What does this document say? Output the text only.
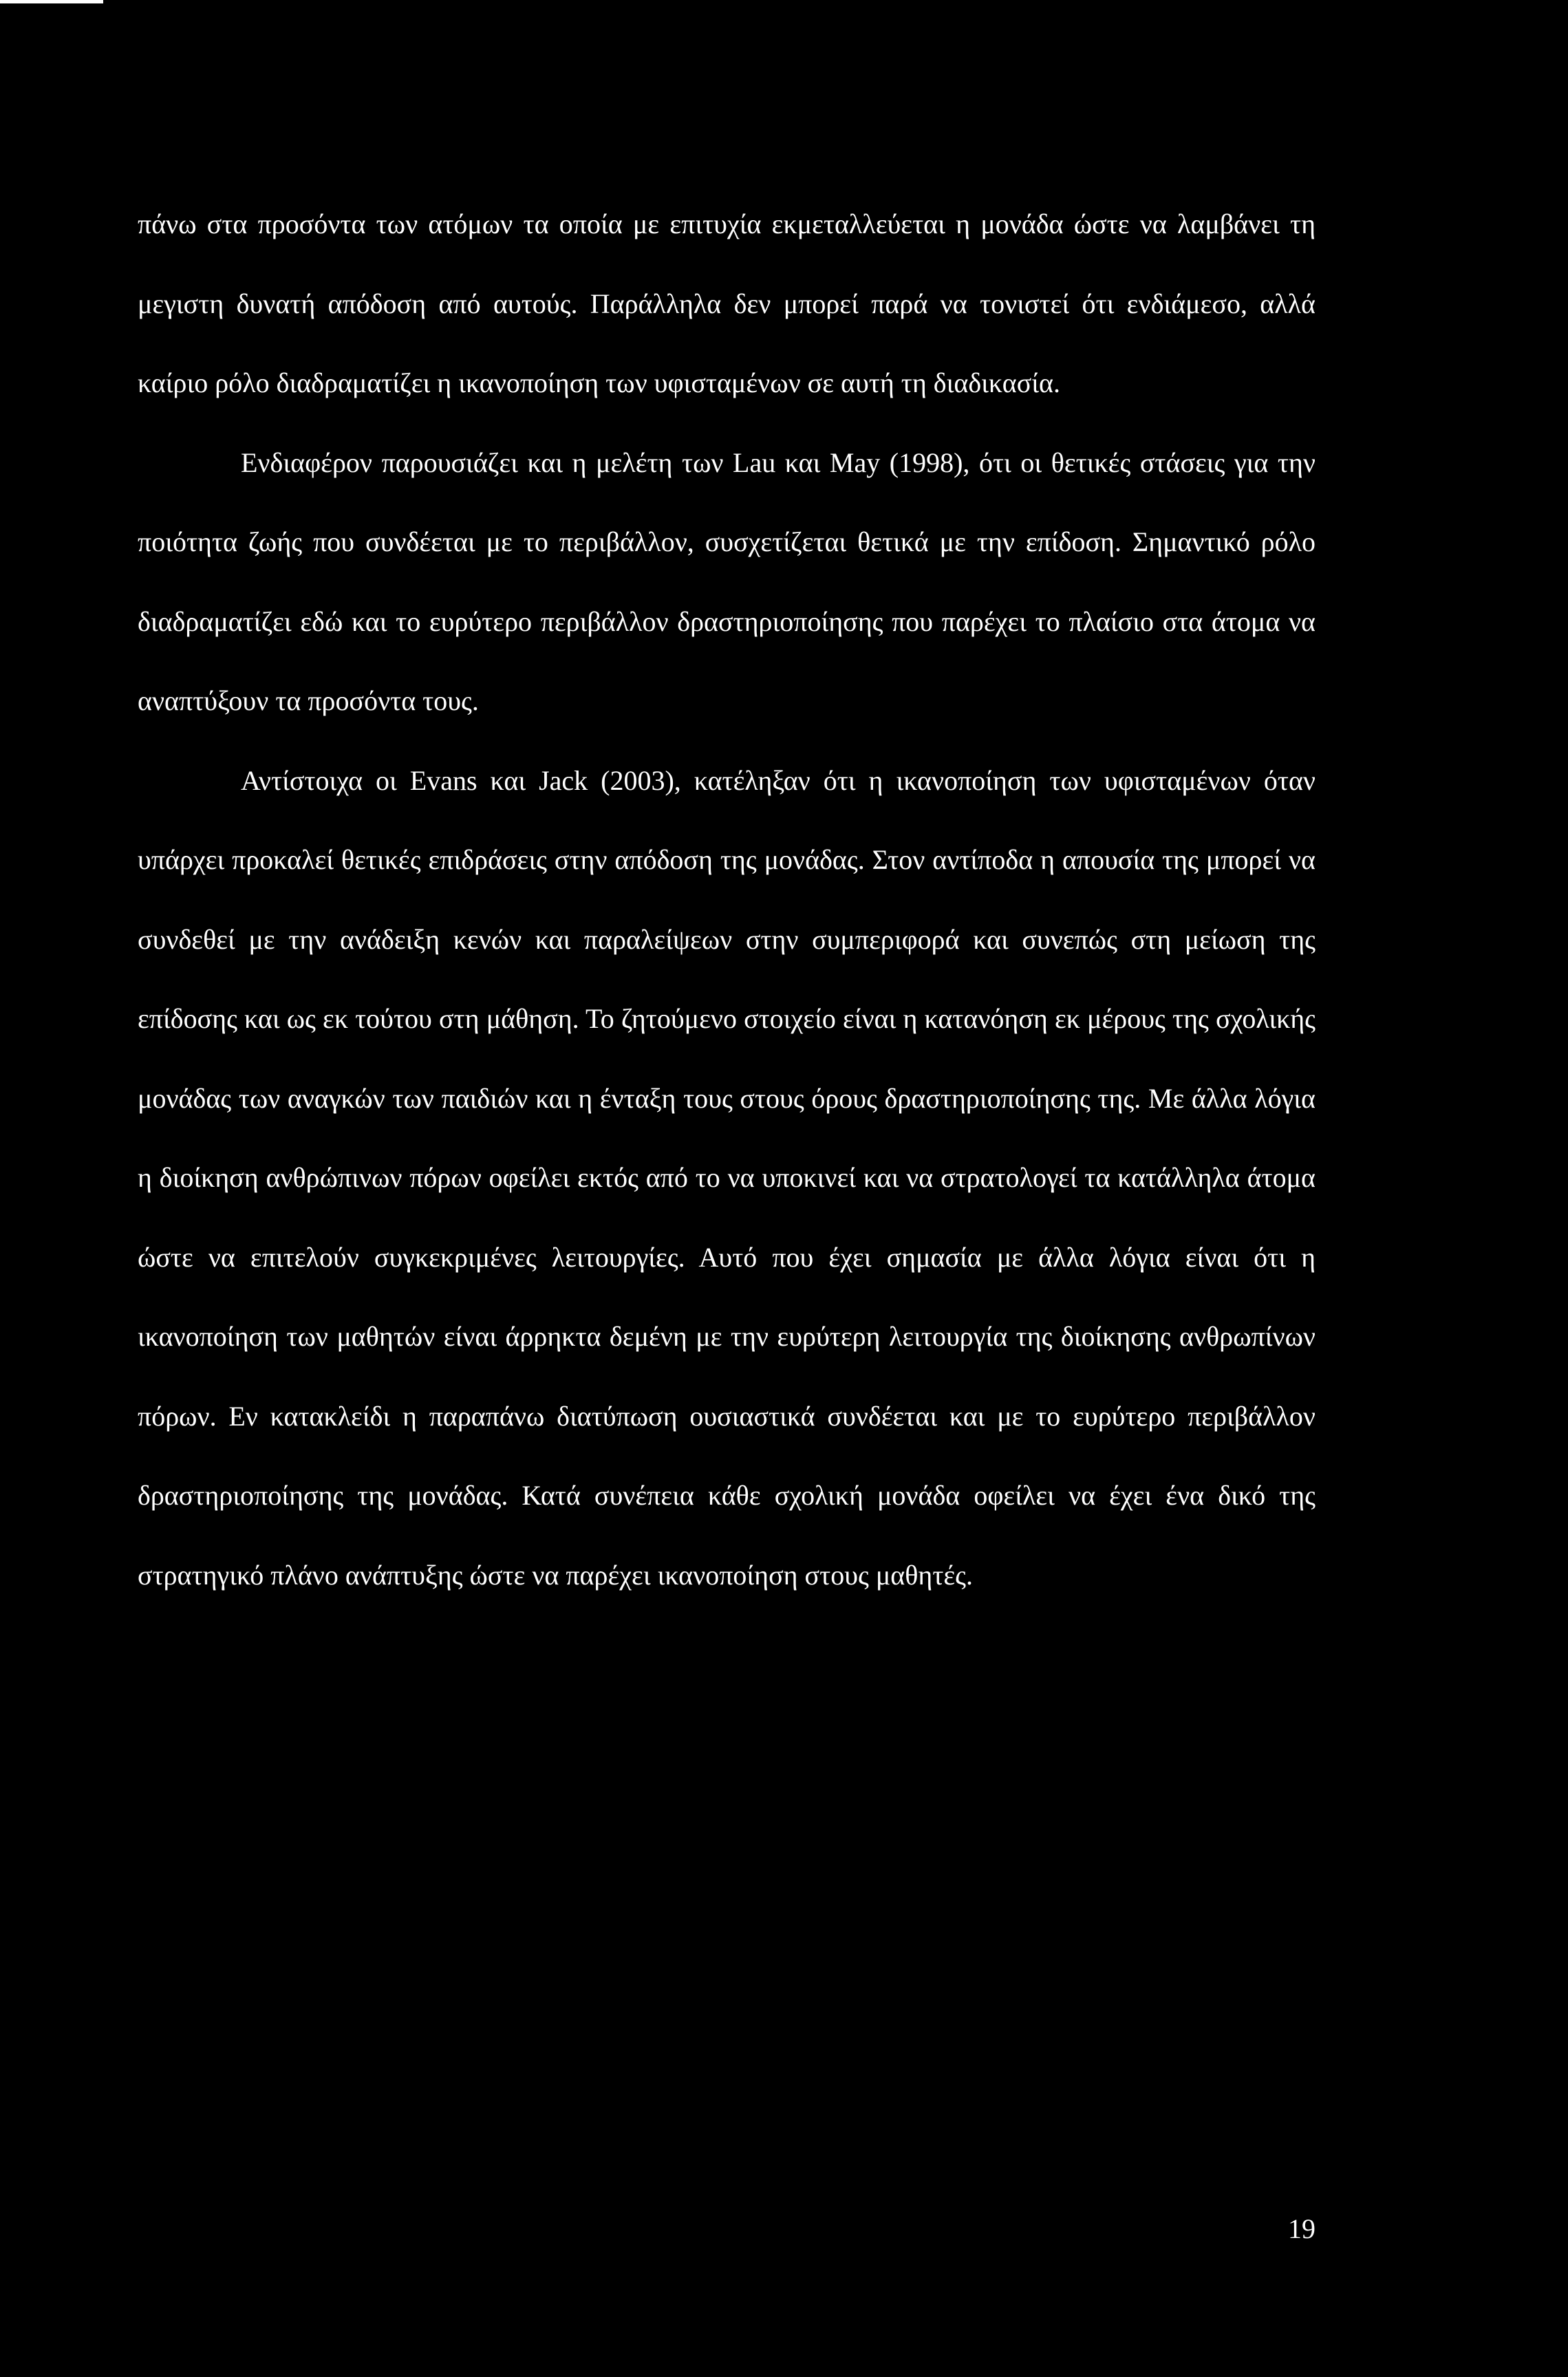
πάνω στα προσόντα των ατόμων τα οποία με επιτυχία εκμεταλλεύεται η μονάδα ώστε να λαμβάνει τη μεγιστη δυνατή απόδοση από αυτούς. Παράλληλα δεν μπορεί παρά να τονιστεί ότι ενδιάμεσο, αλλά καίριο ρόλο διαδραματίζει η ικανοποίηση των υφισταμένων σε αυτή τη διαδικασία.

Ενδιαφέρον παρουσιάζει και η μελέτη των Lau και May (1998), ότι οι θετικές στάσεις για την ποιότητα ζωής που συνδέεται με το περιβάλλον, συσχετίζεται θετικά με την επίδοση. Σημαντικό ρόλο διαδραματίζει εδώ και το ευρύτερο περιβάλλον δραστηριοποίησης που παρέχει το πλαίσιο στα άτομα να αναπτύξουν τα προσόντα τους.

Αντίστοιχα οι Evans και Jack (2003), κατέληξαν ότι η ικανοποίηση των υφισταμένων όταν υπάρχει προκαλεί θετικές επιδράσεις στην απόδοση της μονάδας. Στον αντίποδα η απουσία της μπορεί να συνδεθεί με την ανάδειξη κενών και παραλείψεων στην συμπεριφορά και συνεπώς στη μείωση της επίδοσης και ως εκ τούτου στη μάθηση. Το ζητούμενο στοιχείο είναι η κατανόηση εκ μέρους της σχολικής μονάδας των αναγκών των παιδιών και η ένταξη τους στους όρους δραστηριοποίησης της. Με άλλα λόγια η διοίκηση ανθρώπινων πόρων οφείλει εκτός από το να υποκινεί και να στρατολογεί τα κατάλληλα άτομα ώστε να επιτελούν συγκεκριμένες λειτουργίες. Αυτό που έχει σημασία με άλλα λόγια είναι ότι η ικανοποίηση των μαθητών είναι άρρηκτα δεμένη με την ευρύτερη λειτουργία της διοίκησης ανθρωπίνων πόρων. Εν κατακλείδι η παραπάνω διατύπωση ουσιαστικά συνδέεται και με το ευρύτερο περιβάλλον δραστηριοποίησης της μονάδας. Κατά συνέπεια κάθε σχολική μονάδα οφείλει να έχει ένα δικό της στρατηγικό πλάνο ανάπτυξης ώστε να παρέχει ικανοποίηση στους μαθητές.

19
